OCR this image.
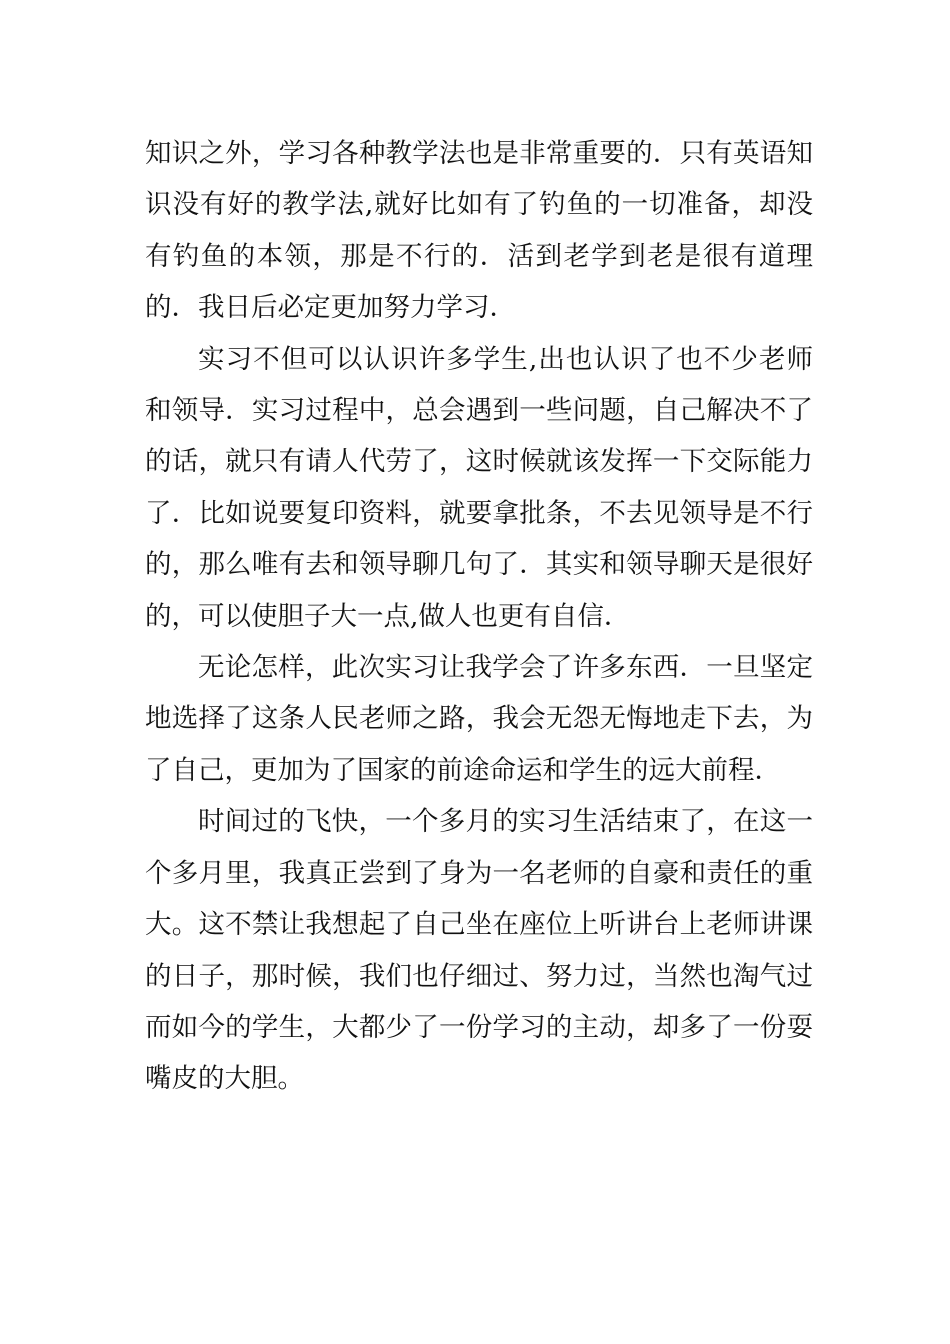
知识之外，学习各种教学法也是非常重要的．只有英语知识没有好的教学法,就好比如有了钓鱼的一切准备，却没有钓鱼的本领，那是不行的．活到老学到老是很有道理的．我日后必定更加努力学习．

实习不但可以认识许多学生,出也认识了也不少老师和领导．实习过程中，总会遇到一些问题，自己解决不了的话，就只有请人代劳了，这时候就该发挥一下交际能力了．比如说要复印资料，就要拿批条，不去见领导是不行的，那么唯有去和领导聊几句了．其实和领导聊天是很好的，可以使胆子大一点,做人也更有自信．

无论怎样，此次实习让我学会了许多东西．一旦坚定地选择了这条人民老师之路，我会无怨无悔地走下去，为了自己，更加为了国家的前途命运和学生的远大前程．

时间过的飞快，一个多月的实习生活结束了，在这一个多月里，我真正尝到了身为一名老师的自豪和责任的重大。这不禁让我想起了自己坐在座位上听讲台上老师讲课的日子，那时候，我们也仔细过、努力过，当然也淘气过而如今的学生，大都少了一份学习的主动，却多了一份耍嘴皮的大胆。
